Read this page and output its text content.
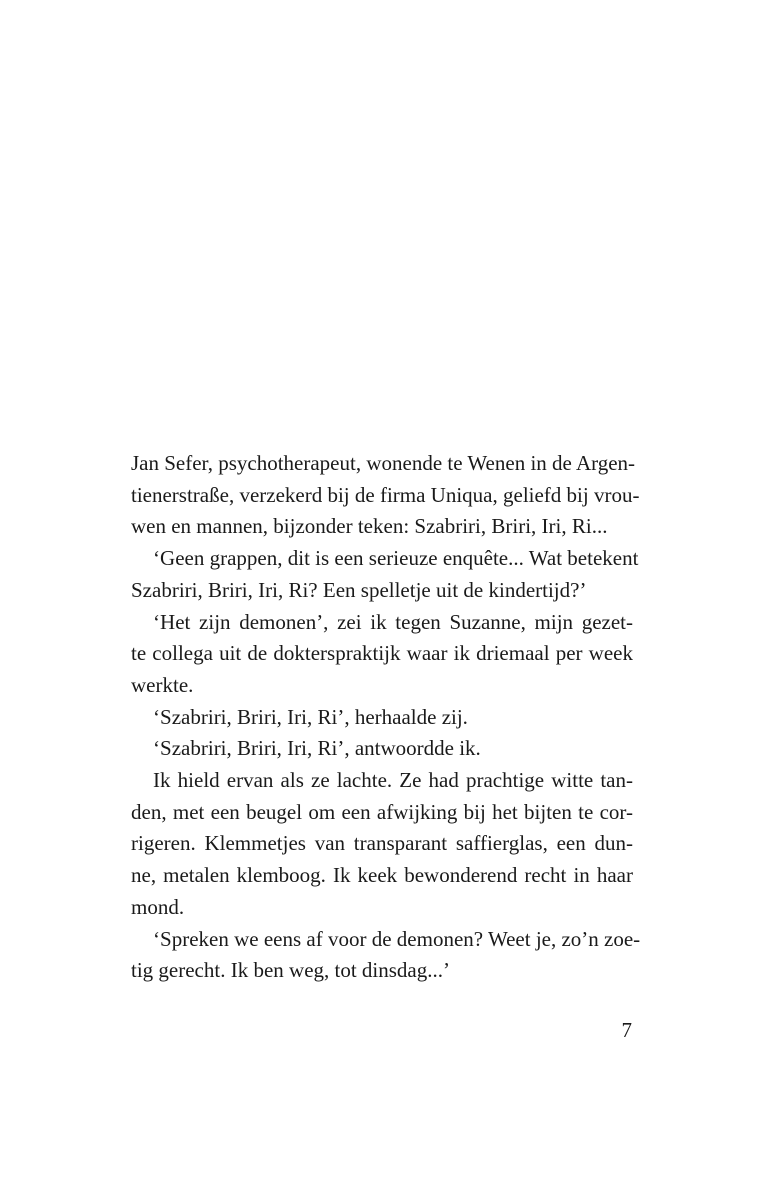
Jan Sefer, psychotherapeut, wonende te Wenen in de Argen-
tienerstraße, verzekerd bij de firma Uniqua, geliefd bij vrou-
wen en mannen, bijzonder teken: Szabriri, Briri, Iri, Ri...
‘Geen grappen, dit is een serieuze enquête... Wat betekent
Szabriri, Briri, Iri, Ri? Een spelletje uit de kindertijd?’
‘Het zijn demonen’, zei ik tegen Suzanne, mijn gezet-
te collega uit de dokterspraktijk waar ik driemaal per week
werkte.
‘Szabriri, Briri, Iri, Ri’, herhaalde zij.
‘Szabriri, Briri, Iri, Ri’, antwoordde ik.
Ik hield ervan als ze lachte. Ze had prachtige witte tan-
den, met een beugel om een afwijking bij het bijten te cor-
rigeren. Klemmetjes van transparant saffierglas, een dun-
ne, metalen klemboog. Ik keek bewonderend recht in haar
mond.
‘Spreken we eens af voor de demonen? Weet je, zo’n zoe-
tig gerecht. Ik ben weg, tot dinsdag...’
7
